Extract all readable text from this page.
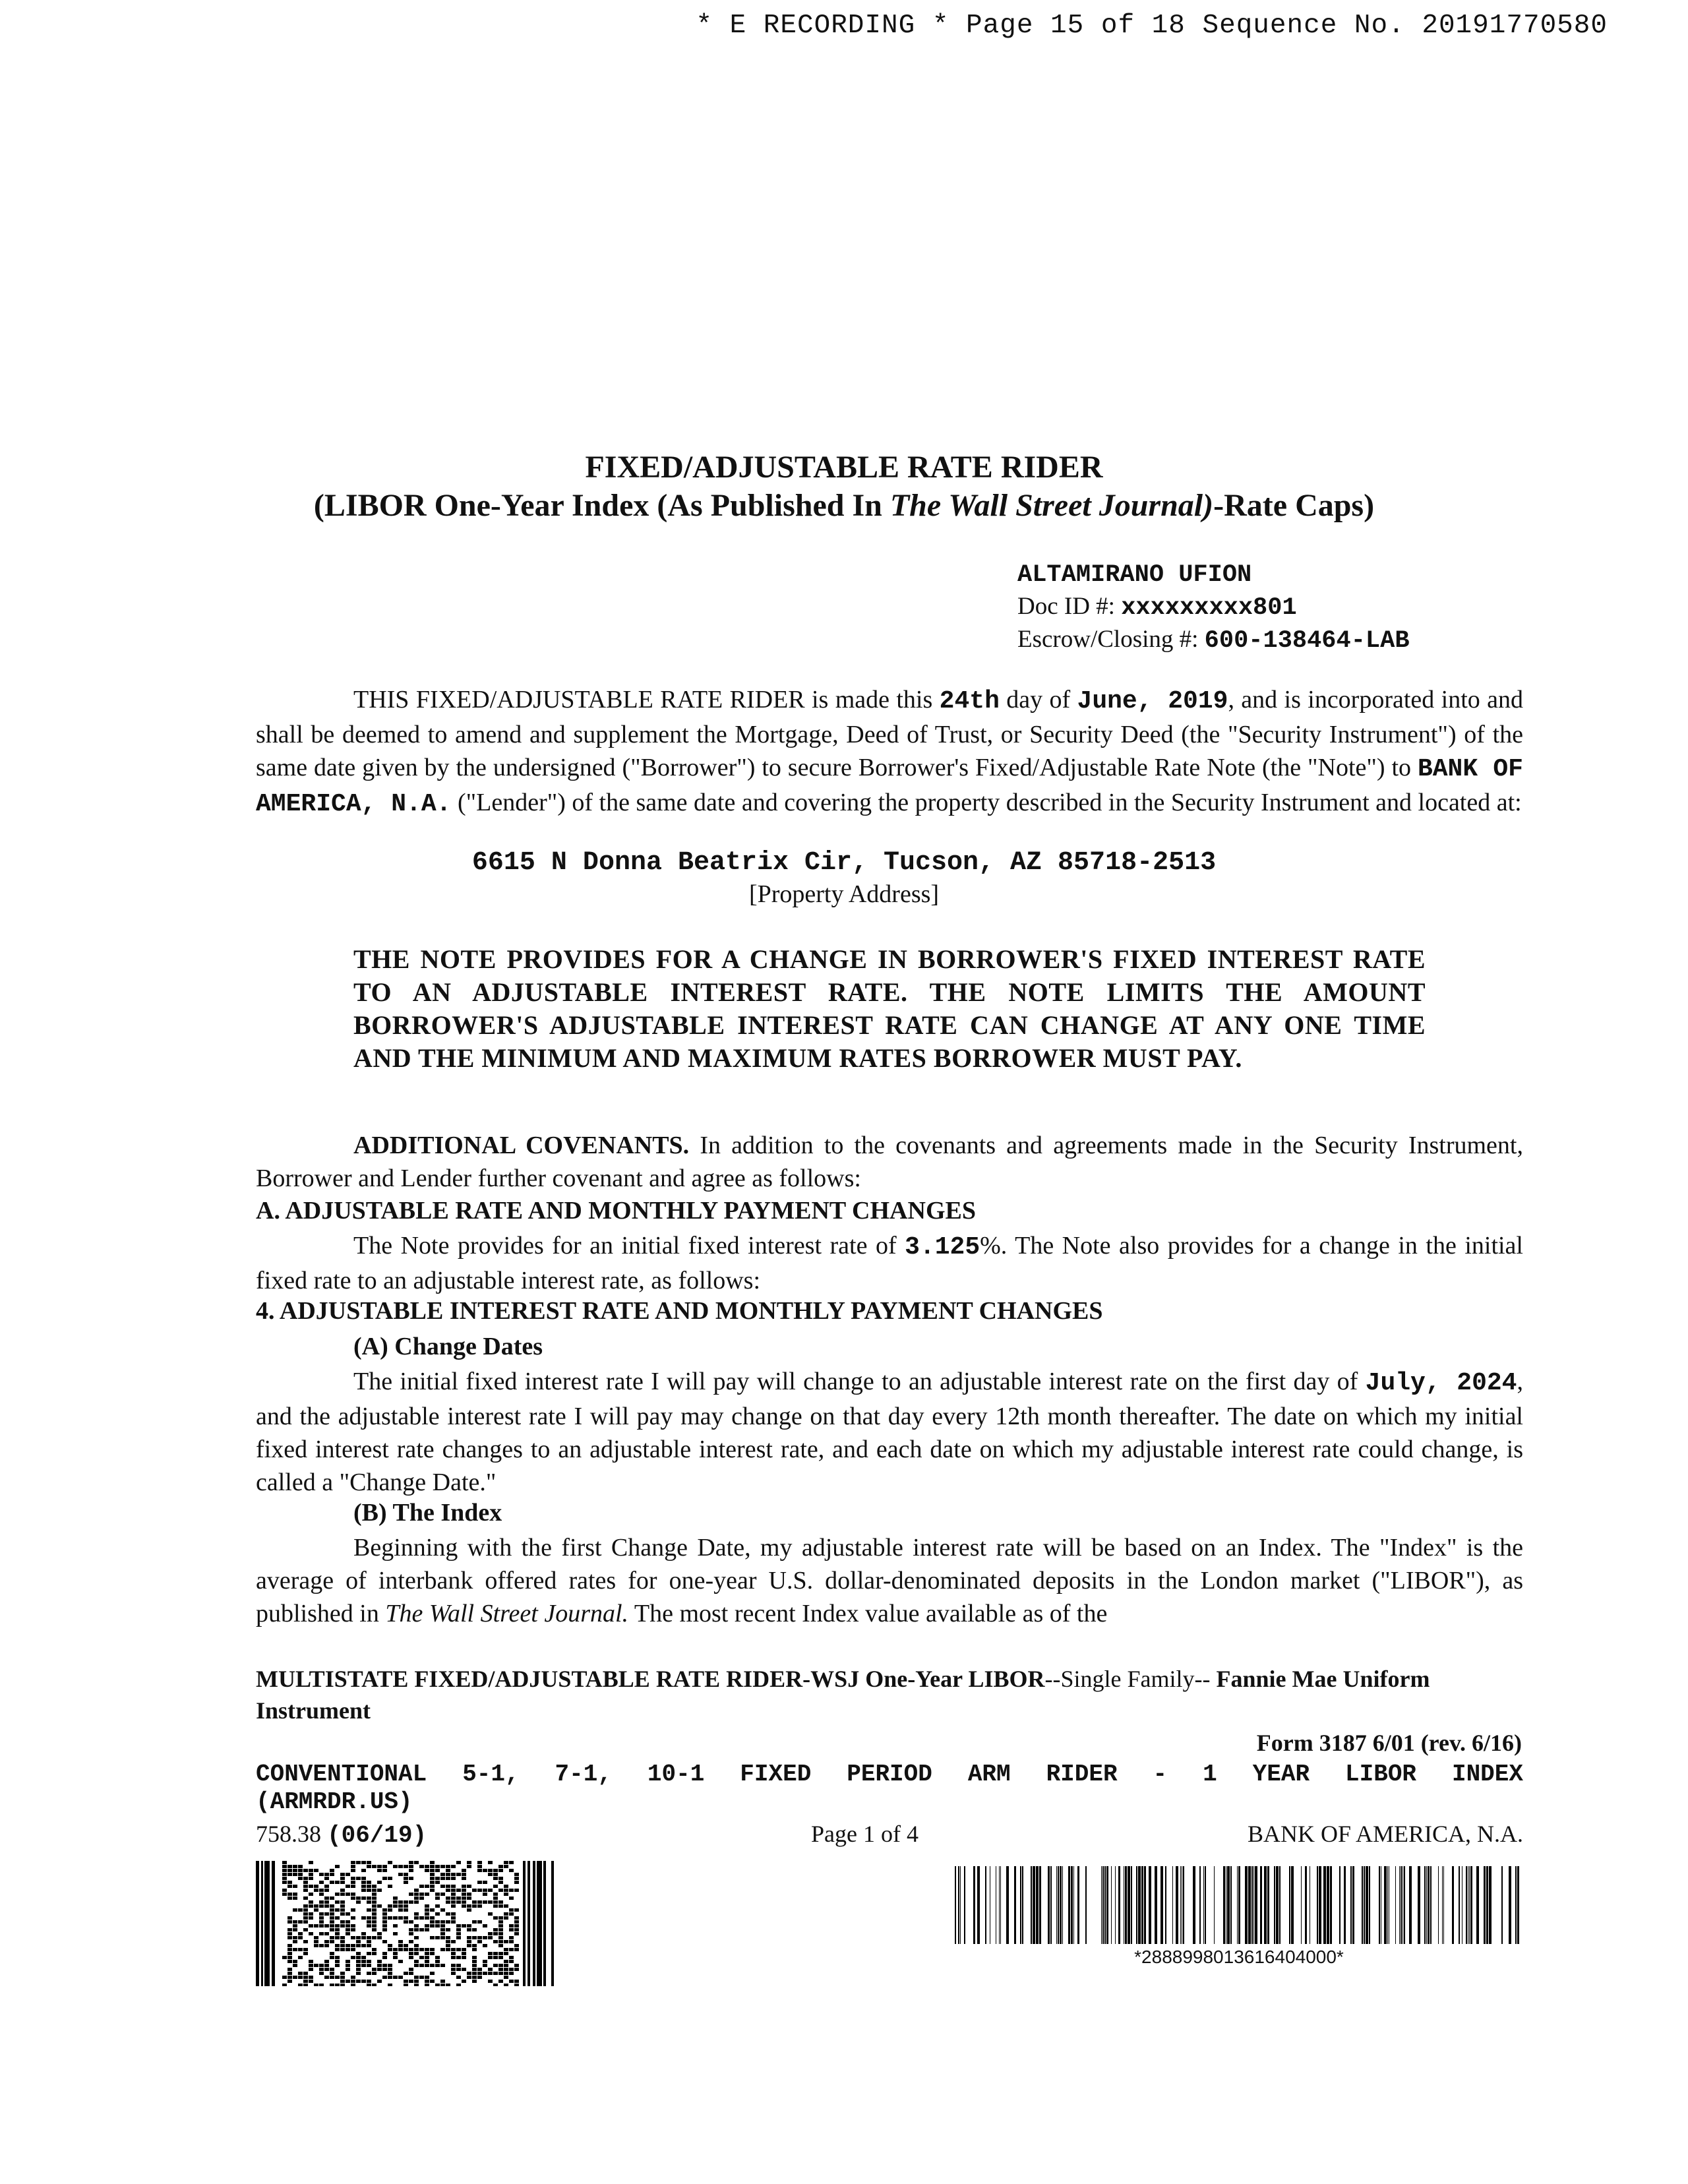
* E RECORDING * Page 15 of 18 Sequence No. 20191770580
FIXED/ADJUSTABLE RATE RIDER
(LIBOR One-Year Index (As Published In The Wall Street Journal)-Rate Caps)
ALTAMIRANO UFION
Doc ID #: xxxxxxxxx801
Escrow/Closing #: 600-138464-LAB
THIS FIXED/ADJUSTABLE RATE RIDER is made this 24th day of June, 2019, and is incorporated into and shall be deemed to amend and supplement the Mortgage, Deed of Trust, or Security Deed (the "Security Instrument") of the same date given by the undersigned ("Borrower") to secure Borrower's Fixed/Adjustable Rate Note (the "Note") to BANK OF AMERICA, N.A. ("Lender") of the same date and covering the property described in the Security Instrument and located at:
6615 N Donna Beatrix Cir, Tucson, AZ 85718-2513
[Property Address]
THE NOTE PROVIDES FOR A CHANGE IN BORROWER'S FIXED INTEREST RATE TO AN ADJUSTABLE INTEREST RATE. THE NOTE LIMITS THE AMOUNT BORROWER'S ADJUSTABLE INTEREST RATE CAN CHANGE AT ANY ONE TIME AND THE MINIMUM AND MAXIMUM RATES BORROWER MUST PAY.
ADDITIONAL COVENANTS. In addition to the covenants and agreements made in the Security Instrument, Borrower and Lender further covenant and agree as follows:
A. ADJUSTABLE RATE AND MONTHLY PAYMENT CHANGES
The Note provides for an initial fixed interest rate of 3.125%. The Note also provides for a change in the initial fixed rate to an adjustable interest rate, as follows:
4. ADJUSTABLE INTEREST RATE AND MONTHLY PAYMENT CHANGES
(A) Change Dates
The initial fixed interest rate I will pay will change to an adjustable interest rate on the first day of July, 2024, and the adjustable interest rate I will pay may change on that day every 12th month thereafter. The date on which my initial fixed interest rate changes to an adjustable interest rate, and each date on which my adjustable interest rate could change, is called a "Change Date."
(B) The Index
Beginning with the first Change Date, my adjustable interest rate will be based on an Index. The "Index" is the average of interbank offered rates for one-year U.S. dollar-denominated deposits in the London market ("LIBOR"), as published in The Wall Street Journal. The most recent Index value available as of the
MULTISTATE FIXED/ADJUSTABLE RATE RIDER-WSJ One-Year LIBOR--Single Family-- Fannie Mae Uniform Instrument
Form 3187 6/01 (rev. 6/16)
CONVENTIONAL 5-1, 7-1, 10-1 FIXED PERIOD ARM RIDER - 1 YEAR LIBOR INDEX
(ARMRDR.US)
758.38 (06/19)	Page 1 of 4	BANK OF AMERICA, N.A.
*2888998013616404000*
